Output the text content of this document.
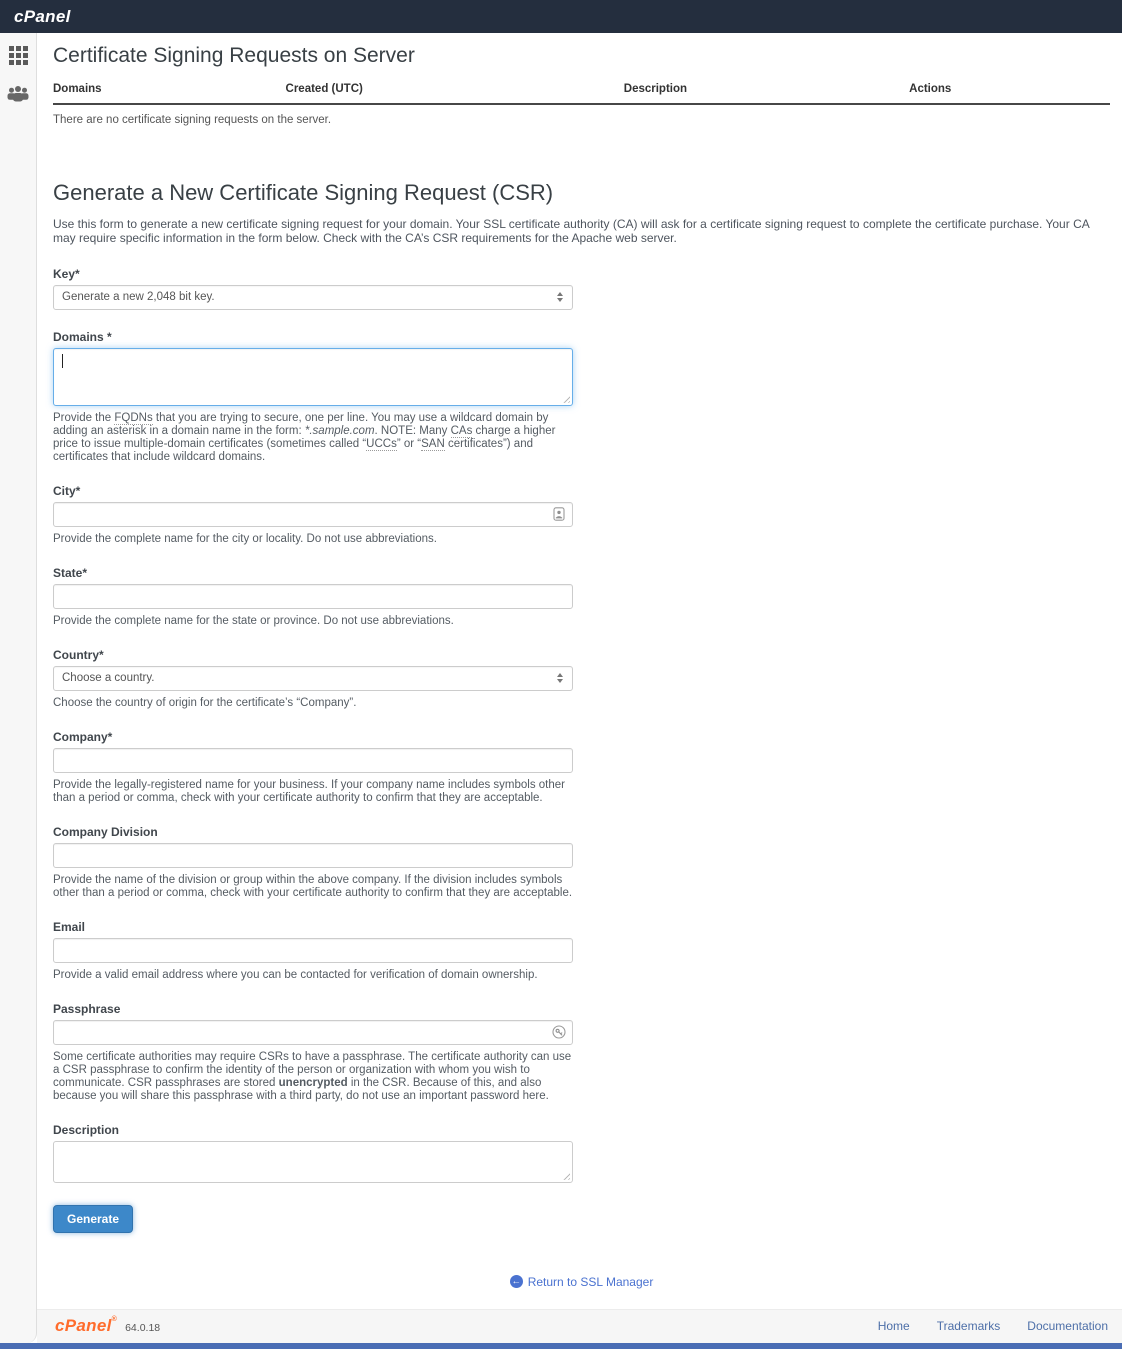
cPanel
Certificate Signing Requests on Server
Domains	Created (UTC)	Description	Actions
There are no certificate signing requests on the server.
Generate a New Certificate Signing Request (CSR)

Use this form to generate a new certificate signing request for your domain. Your SSL certificate authority (CA) will ask for a certificate signing request to complete the certificate purchase. Your CA may require specific information in the form below. Check with the CA’s CSR requirements for the Apache web server.

Key*
Generate a new 2,048 bit key.
Domains *
Provide the FQDNs that you are trying to secure, one per line. You may use a wildcard domain by adding an asterisk in a domain name in the form: *.sample.com. NOTE: Many CAs charge a higher price to issue multiple-domain certificates (sometimes called “UCCs” or “SAN certificates”) and certificates that include wildcard domains.
City*
Provide the complete name for the city or locality. Do not use abbreviations.
State*
Provide the complete name for the state or province. Do not use abbreviations.
Country*
Choose a country.
Choose the country of origin for the certificate’s “Company”.
Company*
Provide the legally-registered name for your business. If your company name includes symbols other than a period or comma, check with your certificate authority to confirm that they are acceptable.
Company Division
Provide the name of the division or group within the above company. If the division includes symbols other than a period or comma, check with your certificate authority to confirm that they are acceptable.
Email
Provide a valid email address where you can be contacted for verification of domain ownership.
Passphrase
Some certificate authorities may require CSRs to have a passphrase. The certificate authority can use a CSR passphrase to confirm the identity of the person or organization with whom you wish to communicate. CSR passphrases are stored unencrypted in the CSR. Because of this, and also because you will share this passphrase with a third party, do not use an important password here.
Description
Generate
← Return to SSL Manager
cPanel®
64.0.18	Home Trademarks Documentation
